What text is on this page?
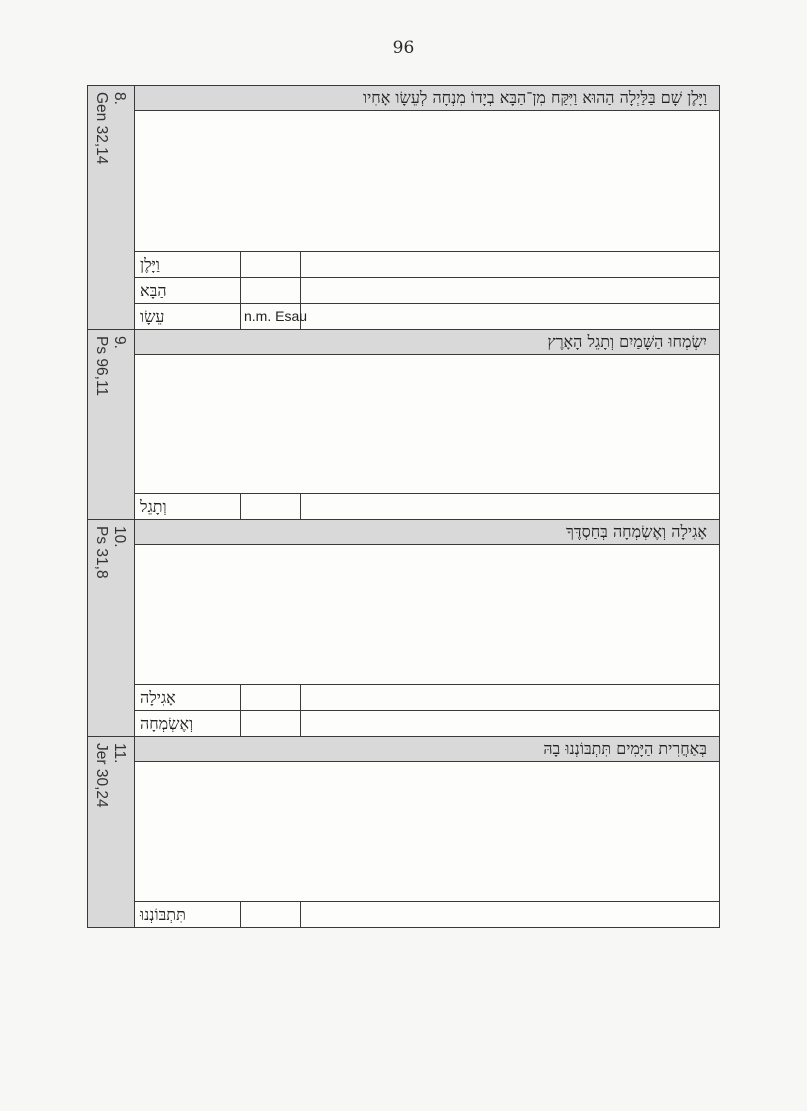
96
8.
Gen 32,14	וַיָּלֶן שָׁם בַּלַּיְלָה הַהוּא וַיִּקַּח מִן־הַבָּא בְיָדוֹ מִנְחָה לְעֵשָׂו אָחִיו
וַיָּלֶן
הַבָּא
עֵשָׂו	n.m. Esau
9.
Ps 96,11	יִשְׂמְחוּ הַשָּׁמַיִם וְתָגֵל הָאָרֶץ
וְתָגֵל
10.
Ps 31,8	אָגִילָה וְאֶשְׂמְחָה בְּחַסְדֶּךָ
אָגִילָה
וְאֶשְׂמְחָה
11.
Jer 30,24	בְּאַחֲרִית הַיָּמִים תִּתְבּוֹנְנוּ בָהּ
תִּתְבּוֹנְנוּ
